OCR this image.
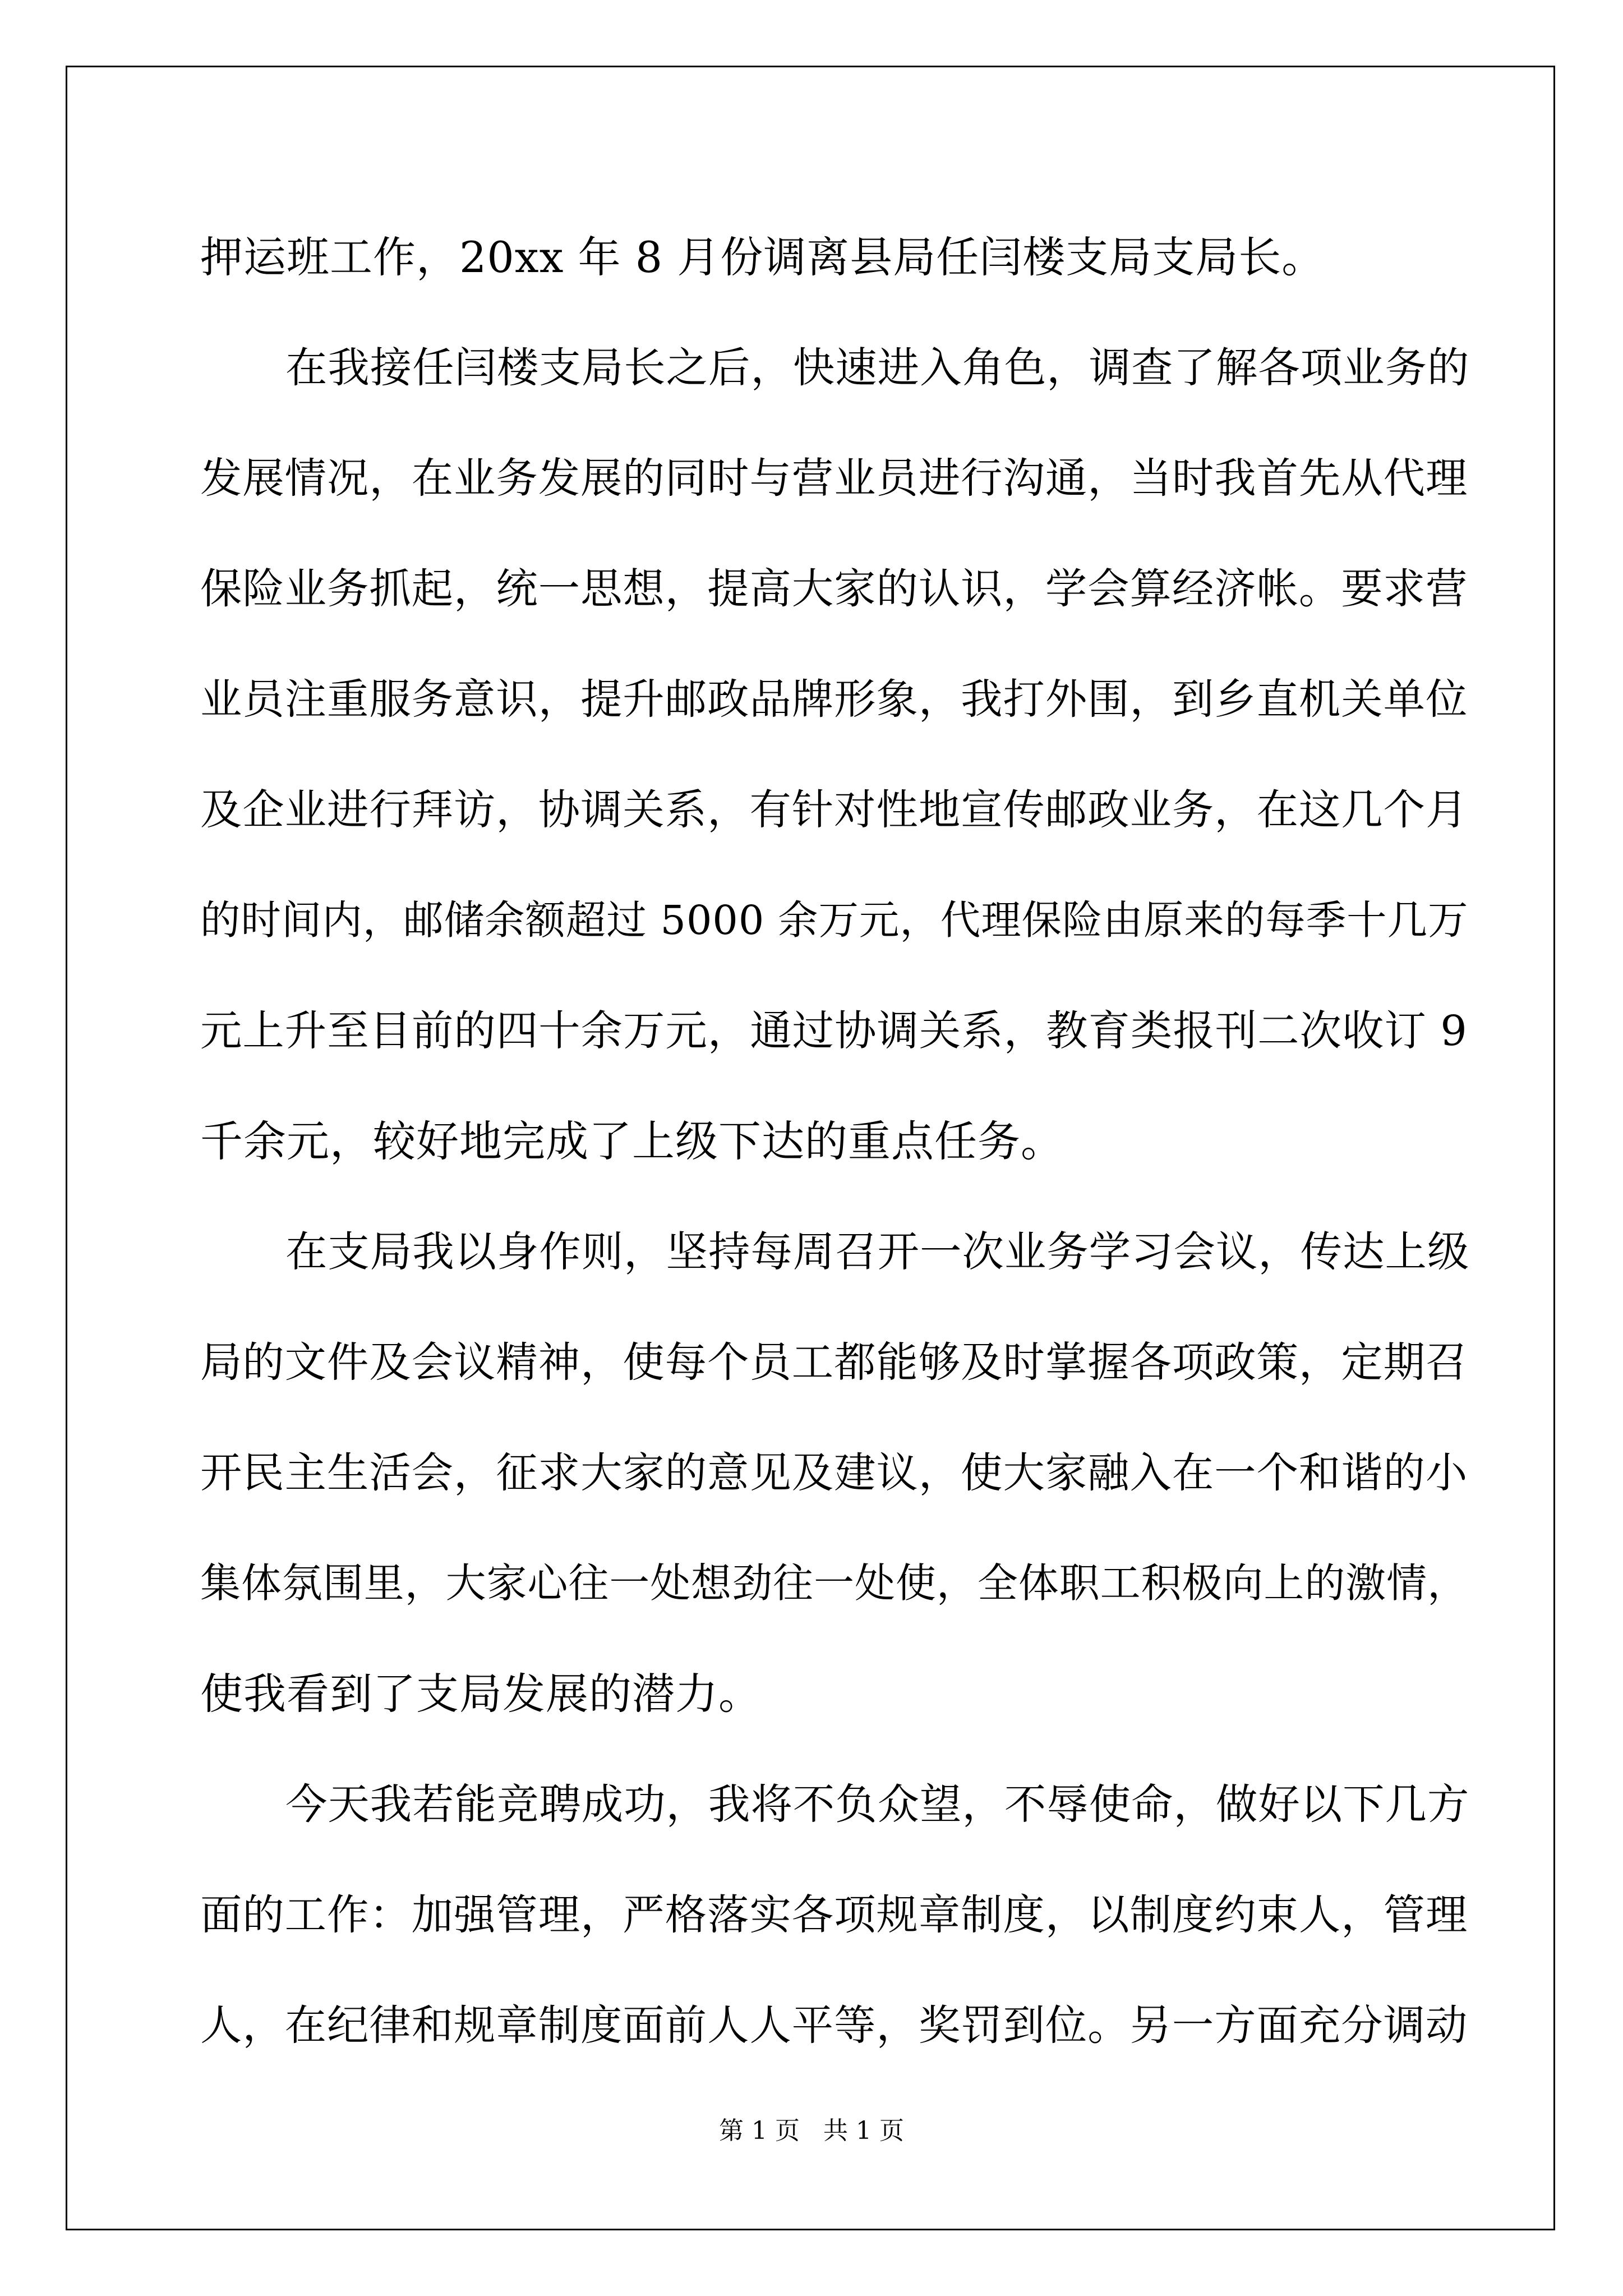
押运班工作，20xx 年 8 月份调离县局任闫楼支局支局长。
在我接任闫楼支局长之后，快速进入角色，调查了解各项业务的
发展情况，在业务发展的同时与营业员进行沟通，当时我首先从代理
保险业务抓起，统一思想，提高大家的认识，学会算经济帐。要求营
业员注重服务意识，提升邮政品牌形象，我打外围，到乡直机关单位
及企业进行拜访，协调关系，有针对性地宣传邮政业务，在这几个月
的时间内，邮储余额超过 5000 余万元，代理保险由原来的每季十几万
元上升至目前的四十余万元，通过协调关系，教育类报刊二次收订 9
千余元，较好地完成了上级下达的重点任务。
在支局我以身作则，坚持每周召开一次业务学习会议，传达上级
局的文件及会议精神，使每个员工都能够及时掌握各项政策，定期召
开民主生活会，征求大家的意见及建议，使大家融入在一个和谐的小
集体氛围里，大家心往一处想劲往一处使，全体职工积极向上的激情，
使我看到了支局发展的潜力。
今天我若能竞聘成功，我将不负众望，不辱使命，做好以下几方
面的工作：加强管理，严格落实各项规章制度，以制度约束人，管理
人，在纪律和规章制度面前人人平等，奖罚到位。另一方面充分调动
第 1 页   共 1 页
